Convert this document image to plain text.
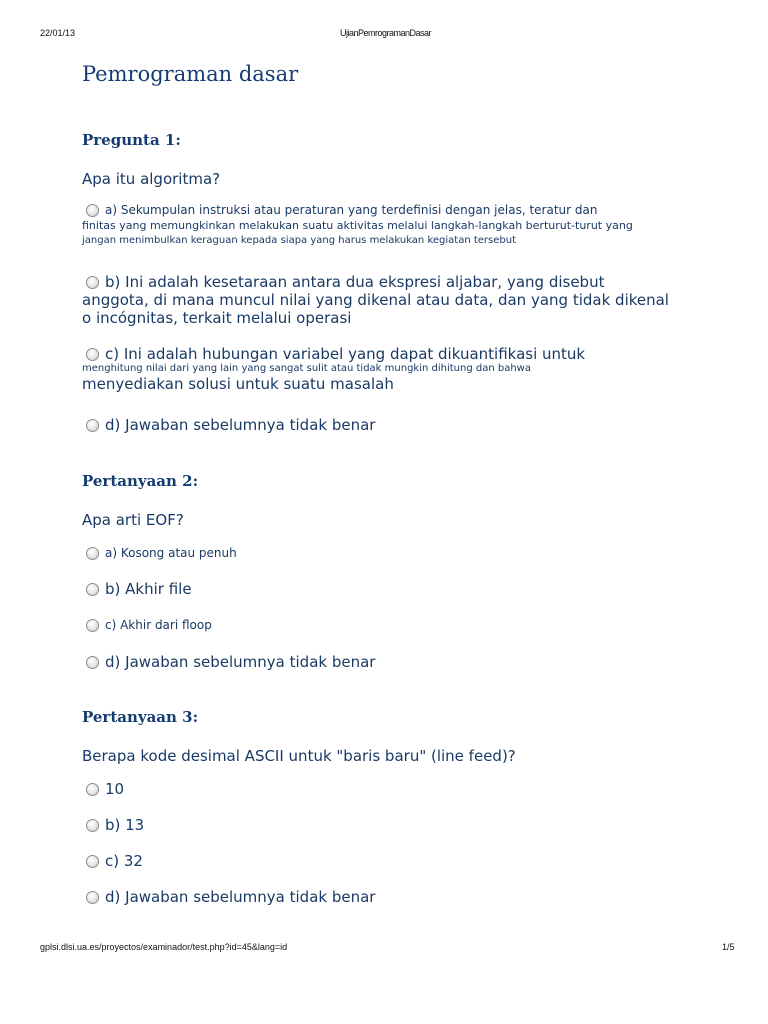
22/01/13	UjianPemrogramanDasar
Pemrograman dasar
Pregunta 1:
Apa itu algoritma?
a) Sekumpulan instruksi atau peraturan yang terdefinisi dengan jelas, teratur dan
finitas yang memungkinkan melakukan suatu aktivitas melalui langkah-langkah berturut-turut yang
jangan menimbulkan keraguan kepada siapa yang harus melakukan kegiatan tersebut
b) Ini adalah kesetaraan antara dua ekspresi aljabar, yang disebut
anggota, di mana muncul nilai yang dikenal atau data, dan yang tidak dikenal
o incógnitas, terkait melalui operasi
c) Ini adalah hubungan variabel yang dapat dikuantifikasi untuk
menghitung nilai dari yang lain yang sangat sulit atau tidak mungkin dihitung dan bahwa
menyediakan solusi untuk suatu masalah
d) Jawaban sebelumnya tidak benar
Pertanyaan 2:
Apa arti EOF?
a) Kosong atau penuh
b) Akhir file
c) Akhir dari floop
d) Jawaban sebelumnya tidak benar
Pertanyaan 3:
Berapa kode desimal ASCII untuk "baris baru" (line feed)?
10
b) 13
c) 32
d) Jawaban sebelumnya tidak benar
gplsi.dlsi.ua.es/proyectos/examinador/test.php?id=45&lang=id	1/5
